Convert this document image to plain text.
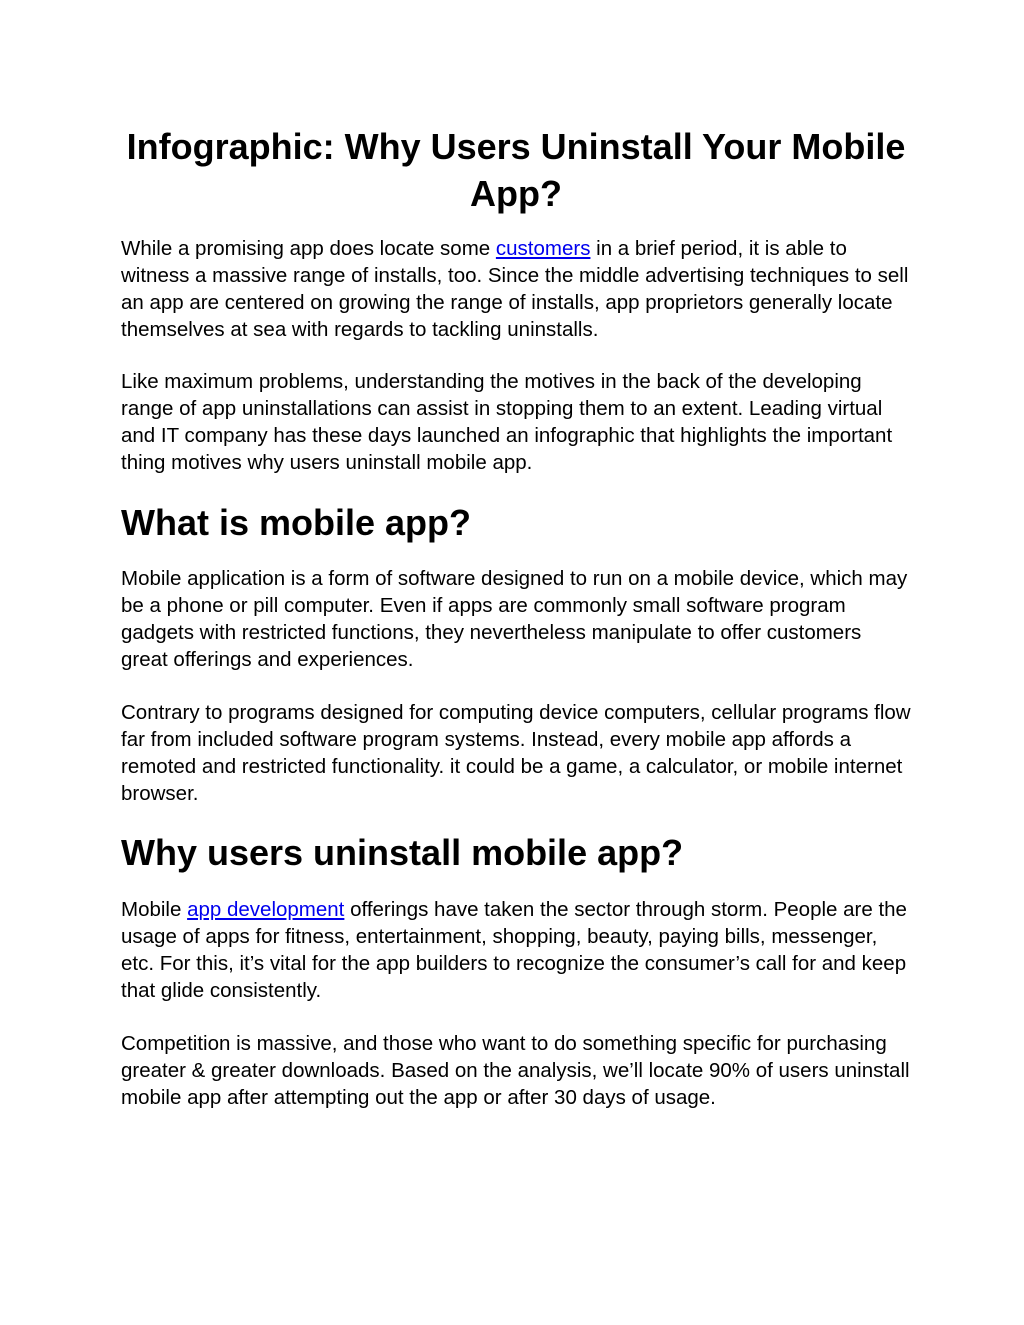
Infographic: Why Users Uninstall Your Mobile App?

While a promising app does locate some customers in a brief period, it is able to witness a massive range of installs, too. Since the middle advertising techniques to sell an app are centered on growing the range of installs, app proprietors generally locate themselves at sea with regards to tackling uninstalls.

Like maximum problems, understanding the motives in the back of the developing range of app uninstallations can assist in stopping them to an extent. Leading virtual and IT company has these days launched an infographic that highlights the important thing motives why users uninstall mobile app.

What is mobile app?

Mobile application is a form of software designed to run on a mobile device, which may be a phone or pill computer. Even if apps are commonly small software program gadgets with restricted functions, they nevertheless manipulate to offer customers great offerings and experiences.

Contrary to programs designed for computing device computers, cellular programs flow far from included software program systems. Instead, every mobile app affords a remoted and restricted functionality. it could be a game, a calculator, or mobile internet browser.

Why users uninstall mobile app?

Mobile app development offerings have taken the sector through storm. People are the usage of apps for fitness, entertainment, shopping, beauty, paying bills, messenger, etc. For this, it’s vital for the app builders to recognize the consumer’s call for and keep that glide consistently.

Competition is massive, and those who want to do something specific for purchasing greater & greater downloads. Based on the analysis, we’ll locate 90% of users uninstall mobile app after attempting out the app or after 30 days of usage.
